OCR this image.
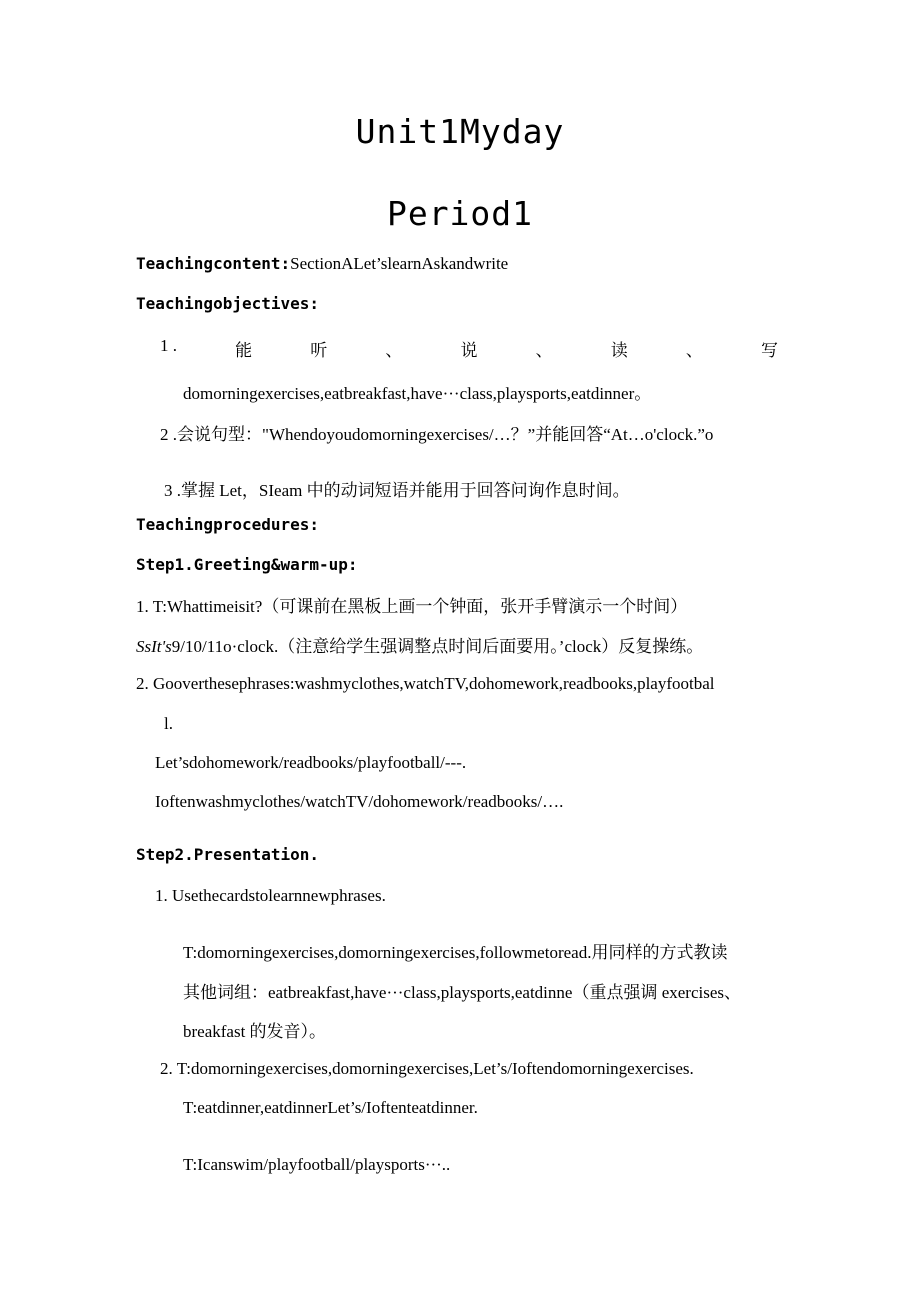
Unit1Myday
Period1
Teachingcontent:SectionALet’slearnAskandwrite
Teachingobjectives:
1 .	能	听	、	说	、	读	、	写
domorningexercises,eatbreakfast,have···class,playsports,eatdinner。
2 .会说句型："Whendoyoudomorningexercises/…？”并能回答“At…o'clock.”o
3 .掌握 Let，SIeam 中的动词短语并能用于回答问询作息时间。
Teachingprocedures:
Step1.Greeting&warm-up:
1. T:Whattimeisit?（可课前在黑板上画一个钟面，张开手臂演示一个时间）
SsIt's9/10/11o·clock.（注意给学生强调整点时间后面要用。’clock）反复操练。
2. Gooverthesephrases:washmyclothes,watchTV,dohomework,readbooks,playfootbal
l.
Let’sdohomework/readbooks/playfootball/---.
Ioftenwashmyclothes/watchTV/dohomework/readbooks/….
Step2.Presentation.
1. Usethecardstolearnnewphrases.
T:domorningexercises,domorningexercises,followmetoread.用同样的方式教读
其他词组：eatbreakfast,have···class,playsports,eatdinne（重点强调 exercises、
breakfast 的发音）。
2. T:domorningexercises,domorningexercises,Let’s/Ioftendomorningexercises.
T:eatdinner,eatdinnerLet’s/Ioftenteatdinner.
T:Icanswim/playfootball/playsports···..
